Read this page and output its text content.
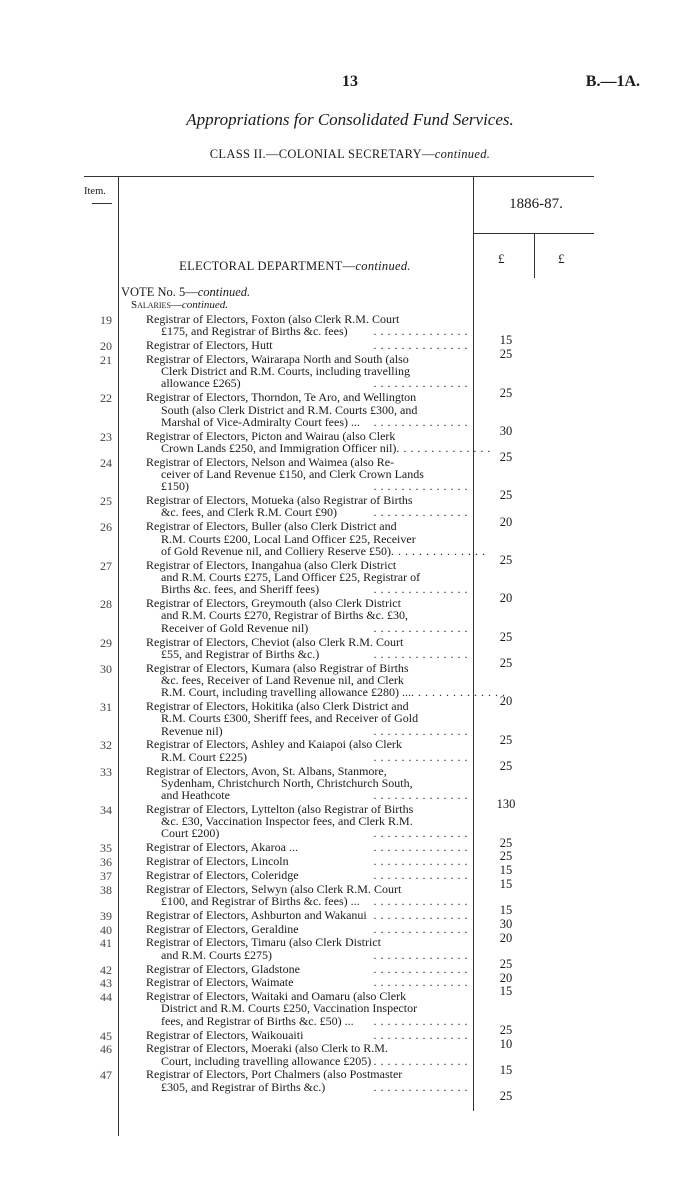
13	B.—1A.
Appropriations for Consolidated Fund Services.
CLASS II.—COLONIAL SECRETARY—continued.
Item.
1886-87.
£	£
ELECTORAL DEPARTMENT—continued.
VOTE No. 5—continued.
Salaries—continued.
19	Registrar of Electors, Foxton (also Clerk R.M. Court
£175, and Registrar of Births &c. fees)	. . . . . . . . . . . . . .
15
20	Registrar of Electors, Hutt	. . . . . . . . . . . . . .
25
21	Registrar of Electors, Wairarapa North and South (also
Clerk District and R.M. Courts, including travelling
allowance £265)	. . . . . . . . . . . . . .
25
22	Registrar of Electors, Thorndon, Te Aro, and Wellington
South (also Clerk District and R.M. Courts £300, and
Marshal of Vice-Admiralty Court fees) ...	. . . . . . . . . . . . . .
30
23	Registrar of Electors, Picton and Wairau (also Clerk
Crown Lands £250, and Immigration Officer nil) . . . . . . . . . . . . . .
25
24	Registrar of Electors, Nelson and Waimea (also Re-
ceiver of Land Revenue £150, and Clerk Crown Lands
£150)	. . . . . . . . . . . . . .
25
25	Registrar of Electors, Motueka (also Registrar of Births
&c. fees, and Clerk R.M. Court £90)	. . . . . . . . . . . . . .
20
26	Registrar of Electors, Buller (also Clerk District and
R.M. Courts £200, Local Land Officer £25, Receiver
of Gold Revenue nil, and Colliery Reserve £50) . . . . . . . . . . . . . .
25
27	Registrar of Electors, Inangahua (also Clerk District
and R.M. Courts £275, Land Officer £25, Registrar of
Births &c. fees, and Sheriff fees)	. . . . . . . . . . . . . .
20
28	Registrar of Electors, Greymouth (also Clerk District
and R.M. Courts £270, Registrar of Births &c. £30,
Receiver of Gold Revenue nil)	. . . . . . . . . . . . . .
25
29	Registrar of Electors, Cheviot (also Clerk R.M. Court
£55, and Registrar of Births &c.)	. . . . . . . . . . . . . .
25
30	Registrar of Electors, Kumara (also Registrar of Births
&c. fees, Receiver of Land Revenue nil, and Clerk
R.M. Court, including travelling allowance £280) ... . . . . . . . . . . . . . .
20
31	Registrar of Electors, Hokitika (also Clerk District and
R.M. Courts £300, Sheriff fees, and Receiver of Gold
Revenue nil)	. . . . . . . . . . . . . .
25
32	Registrar of Electors, Ashley and Kaiapoi (also Clerk
R.M. Court £225)	. . . . . . . . . . . . . .
25
33	Registrar of Electors, Avon, St. Albans, Stanmore,
Sydenham, Christchurch North, Christchurch South,
and Heathcote	. . . . . . . . . . . . . .
130
34	Registrar of Electors, Lyttelton (also Registrar of Births
&c. £30, Vaccination Inspector fees, and Clerk R.M.
Court £200)	. . . . . . . . . . . . . .
25
35	Registrar of Electors, Akaroa ...	. . . . . . . . . . . . . .
25
36	Registrar of Electors, Lincoln	. . . . . . . . . . . . . .
15
37	Registrar of Electors, Coleridge	. . . . . . . . . . . . . .
15
38	Registrar of Electors, Selwyn (also Clerk R.M. Court
£100, and Registrar of Births &c. fees) ...	. . . . . . . . . . . . . .
15
39	Registrar of Electors, Ashburton and Wakanui . . . . . . . . . . . . . .
30
40	Registrar of Electors, Geraldine	. . . . . . . . . . . . . .
20
41	Registrar of Electors, Timaru (also Clerk District
and R.M. Courts £275)	. . . . . . . . . . . . . .
25
42	Registrar of Electors, Gladstone	. . . . . . . . . . . . . .
20
43	Registrar of Electors, Waimate	. . . . . . . . . . . . . .
15
44	Registrar of Electors, Waitaki and Oamaru (also Clerk
District and R.M. Courts £250, Vaccination Inspector
fees, and Registrar of Births &c. £50) ...	. . . . . . . . . . . . . .
25
45	Registrar of Electors, Waikouaiti	. . . . . . . . . . . . . .
10
46	Registrar of Electors, Moeraki (also Clerk to R.M.
Court, including travelling allowance £205) . . . . . . . . . . . . . .
15
47	Registrar of Electors, Port Chalmers (also Postmaster
£305, and Registrar of Births &c.)	. . . . . . . . . . . . . .
25
